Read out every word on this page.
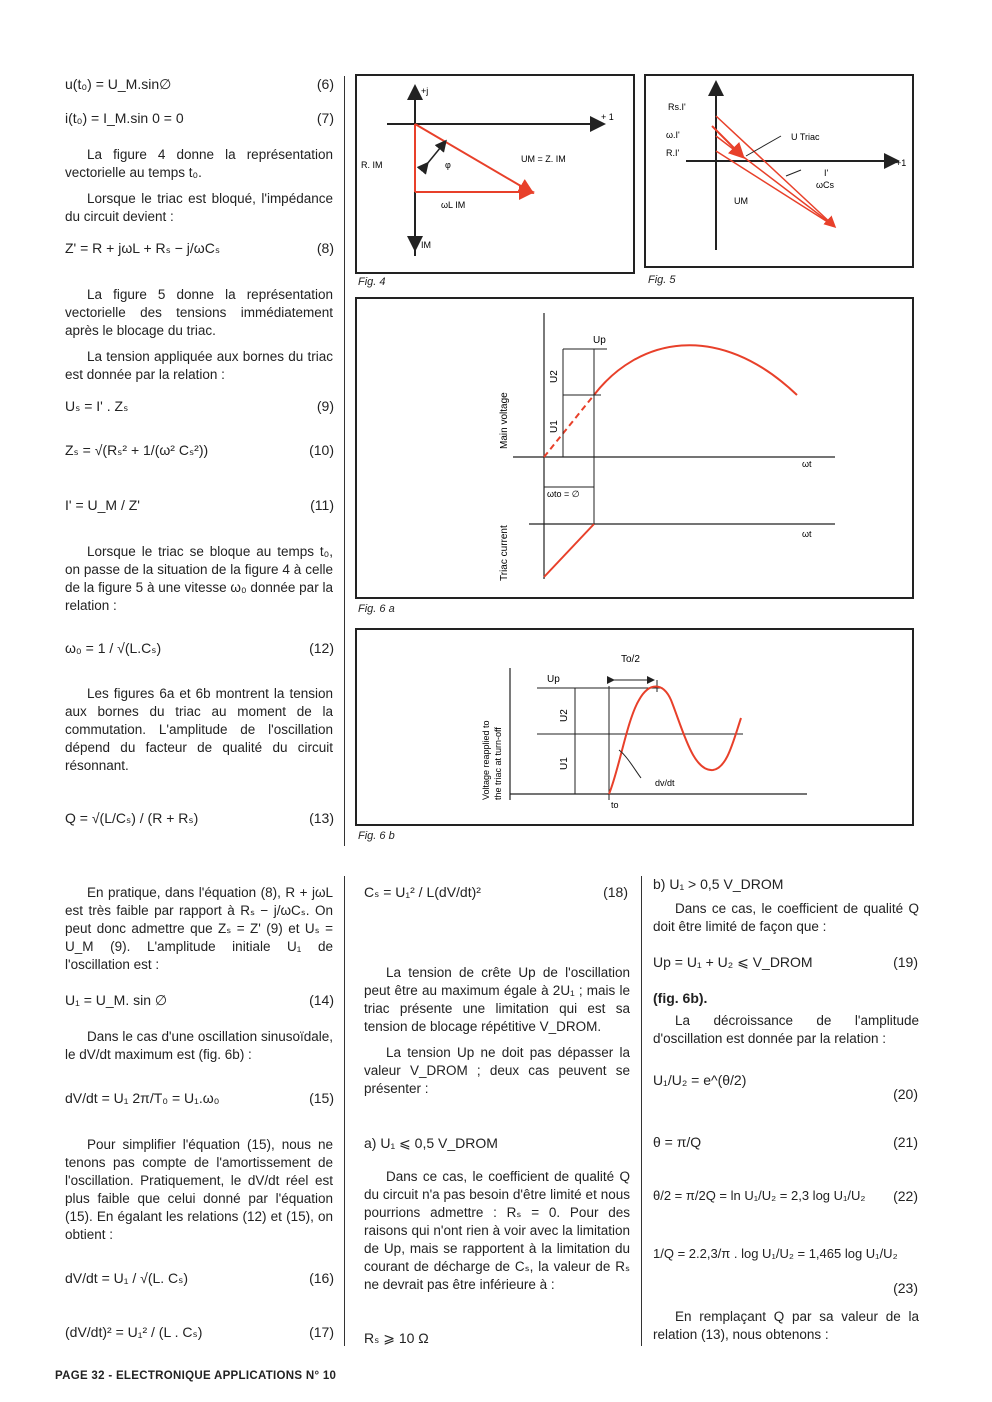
u(t₀) = U_M.sin∅	(6)
i(t₀) = I_M.sin 0 = 0	(7)

La figure 4 donne la représentation vectorielle au temps t₀.

Lorsque le triac est bloqué, l'impédance du circuit devient :

Z' = R + jωL + Rₛ − j/ωCₛ	(8)

La figure 5 donne la représentation vectorielle des tensions immédiatement après le blocage du triac.

La tension appliquée aux bornes du triac est donnée par la relation :

Uₛ = I' . Zₛ	(9)
Zₛ = √(Rₛ² + 1/(ω² Cₛ²))	(10)
I' = U_M / Z'	(11)

Lorsque le triac se bloque au temps t₀, on passe de la situation de la figure 4 à celle de la figure 5 à une vitesse ω₀ donnée par la relation :

ω₀ = 1 / √(L.Cₛ)	(12)

Les figures 6a et 6b montrent la tension aux bornes du triac au moment de la commutation. L'amplitude de l'oscillation dépend du facteur de qualité du circuit résonnant.

Q = √(L/Cₛ) / (R + Rₛ)	(13)
+j
+ 1
R. IM	φ
UM = Z. IM
ωL IM
IM
Fig. 4
Rs.I'
ω.I'
R.I'
U Triac
I'
ωCs
+1
UM
Fig. 5
Main voltage
Triac current
Up
U2
U1
ωt
ωt
ωto = ∅
Fig. 6 a
Voltage reapplied to the triac at turn-off
To/2
Up
U2
U1
dv/dt
to
Fig. 6 b

En pratique, dans l'équation (8), R + jωL est très faible par rapport à Rₛ − j/ωCₛ. On peut donc admettre que Zₛ = Z' (9) et Uₛ = U_M (9). L'amplitude initiale U₁ de l'oscillation est :

U₁ = U_M. sin ∅	(14)

Dans le cas d'une oscillation sinusoïdale, le dV/dt maximum est (fig. 6b) :

dV/dt = U₁ 2π/T₀ = U₁.ω₀	(15)

Pour simplifier l'équation (15), nous ne tenons pas compte de l'amortissement de l'oscillation. Pratiquement, le dV/dt réel est plus faible que celui donné par l'équation (15). En égalant les relations (12) et (15), on obtient :

dV/dt = U₁ / √(L. Cₛ)	(16)
(dV/dt)² = U₁² / (L . Cₛ)	(17)
Cₛ = U₁² / L(dV/dt)²	(18)

La tension de crête Up de l'oscillation peut être au maximum égale à 2U₁ ; mais le triac présente une limitation qui est sa tension de blocage répétitive V_DROM.

La tension Up ne doit pas dépasser la valeur V_DROM ; deux cas peuvent se présenter :

a) U₁ ⩽ 0,5 V_DROM

Dans ce cas, le coefficient de qualité Q du circuit n'a pas besoin d'être limité et nous pourrions admettre : Rₛ = 0. Pour des raisons qui n'ont rien à voir avec la limitation de Up, mais se rapportent à la limitation du courant de décharge de Cₛ, la valeur de Rₛ ne devrait pas être inférieure à :

Rₛ ⩾ 10 Ω
b) U₁ > 0,5 V_DROM

Dans ce cas, le coefficient de qualité Q doit être limité de façon que :

Up = U₁ + U₂ ⩽ V_DROM	(19)
(fig. 6b).

La décroissance de l'amplitude d'oscillation est donnée par la relation :

U₁/U₂ = e^(θ/2)
(20)
θ = π/Q	(21)
θ/2 = π/2Q = ln U₁/U₂ = 2,3 log U₁/U₂	(22)
1/Q = 2.2,3/π . log U₁/U₂ = 1,465 log U₁/U₂
(23)

En remplaçant Q par sa valeur de la relation (13), nous obtenons :

PAGE 32 - ELECTRONIQUE APPLICATIONS N° 10
